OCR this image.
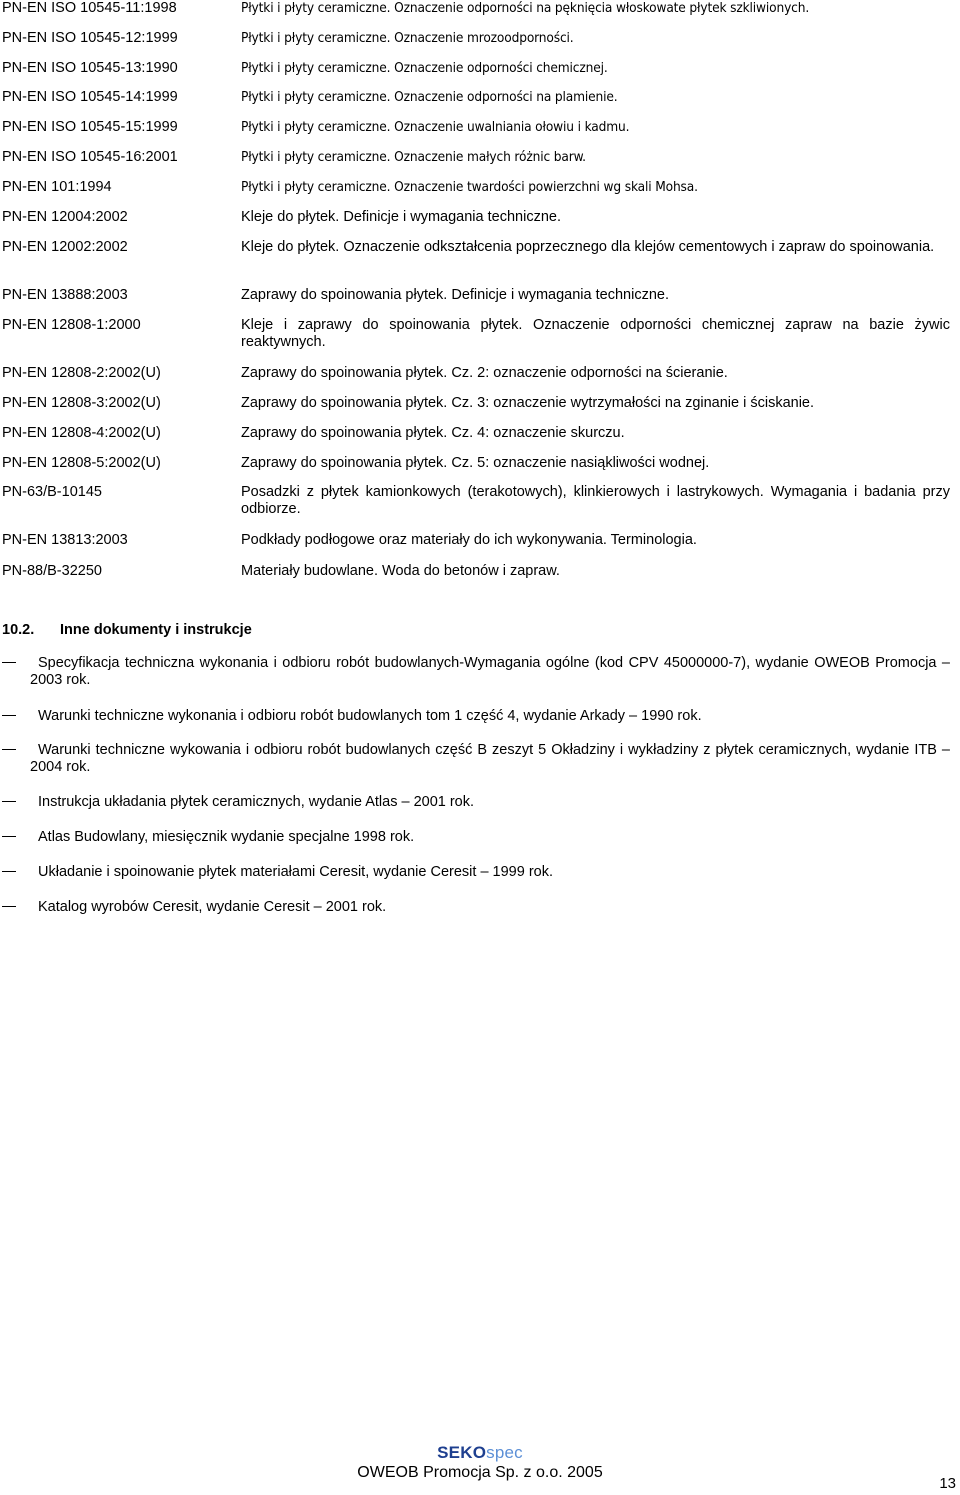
PN-EN ISO 10545-11:1998	Płytki i płyty ceramiczne. Oznaczenie odporności na pęknięcia włoskowate płytek szkliwionych.
PN-EN ISO 10545-12:1999	Płytki i płyty ceramiczne. Oznaczenie mrozoodporności.
PN-EN ISO 10545-13:1990	Płytki i płyty ceramiczne. Oznaczenie odporności chemicznej.
PN-EN ISO 10545-14:1999	Płytki i płyty ceramiczne. Oznaczenie odporności na plamienie.
PN-EN ISO 10545-15:1999	Płytki i płyty ceramiczne. Oznaczenie uwalniania ołowiu i kadmu.
PN-EN ISO 10545-16:2001	Płytki i płyty ceramiczne. Oznaczenie małych różnic barw.
PN-EN 101:1994	Płytki i płyty ceramiczne. Oznaczenie twardości powierzchni wg skali Mohsa.
PN-EN 12004:2002	Kleje do płytek. Definicje i wymagania techniczne.
PN-EN 12002:2002	Kleje do płytek. Oznaczenie odkształcenia poprzecznego dla klejów cementowych i zapraw do spoinowania.
PN-EN 13888:2003	Zaprawy do spoinowania płytek. Definicje i wymagania techniczne.
PN-EN 12808-1:2000	Kleje i zaprawy do spoinowania płytek. Oznaczenie odporności chemicznej zapraw na bazie żywic reaktywnych.
PN-EN 12808-2:2002(U)	Zaprawy do spoinowania płytek. Cz. 2: oznaczenie odporności na ścieranie.
PN-EN 12808-3:2002(U)	Zaprawy do spoinowania płytek. Cz. 3: oznaczenie wytrzymałości na zginanie i ściskanie.
PN-EN 12808-4:2002(U)	Zaprawy do spoinowania płytek. Cz. 4: oznaczenie skurczu.
PN-EN 12808-5:2002(U)	Zaprawy do spoinowania płytek. Cz. 5: oznaczenie nasiąkliwości wodnej.
PN-63/B-10145	Posadzki z płytek kamionkowych (terakotowych), klinkierowych i lastrykowych. Wymagania i badania przy odbiorze.
PN-EN 13813:2003	Podkłady podłogowe oraz materiały do ich wykonywania. Terminologia.
PN-88/B-32250	Materiały budowlane. Woda do betonów i zapraw.
10.2. Inne dokumenty i instrukcje
Specyfikacja techniczna wykonania i odbioru robót budowlanych-Wymagania ogólne (kod CPV 45000000-7), wydanie OWEOB Promocja – 2003 rok.
Warunki techniczne wykonania i odbioru robót budowlanych tom 1 część 4, wydanie Arkady – 1990 rok.
Warunki techniczne wykowania i odbioru robót budowlanych część B zeszyt 5 Okładziny i wykładziny z płytek ceramicznych, wydanie ITB – 2004 rok.
Instrukcja układania płytek ceramicznych, wydanie Atlas – 2001 rok.
Atlas Budowlany, miesięcznik wydanie specjalne 1998 rok.
Układanie i spoinowanie płytek materiałami Ceresit, wydanie Ceresit – 1999 rok.
Katalog wyrobów Ceresit, wydanie Ceresit – 2001 rok.
SEKOspec
OWEOB Promocja Sp. z o.o. 2005
13
